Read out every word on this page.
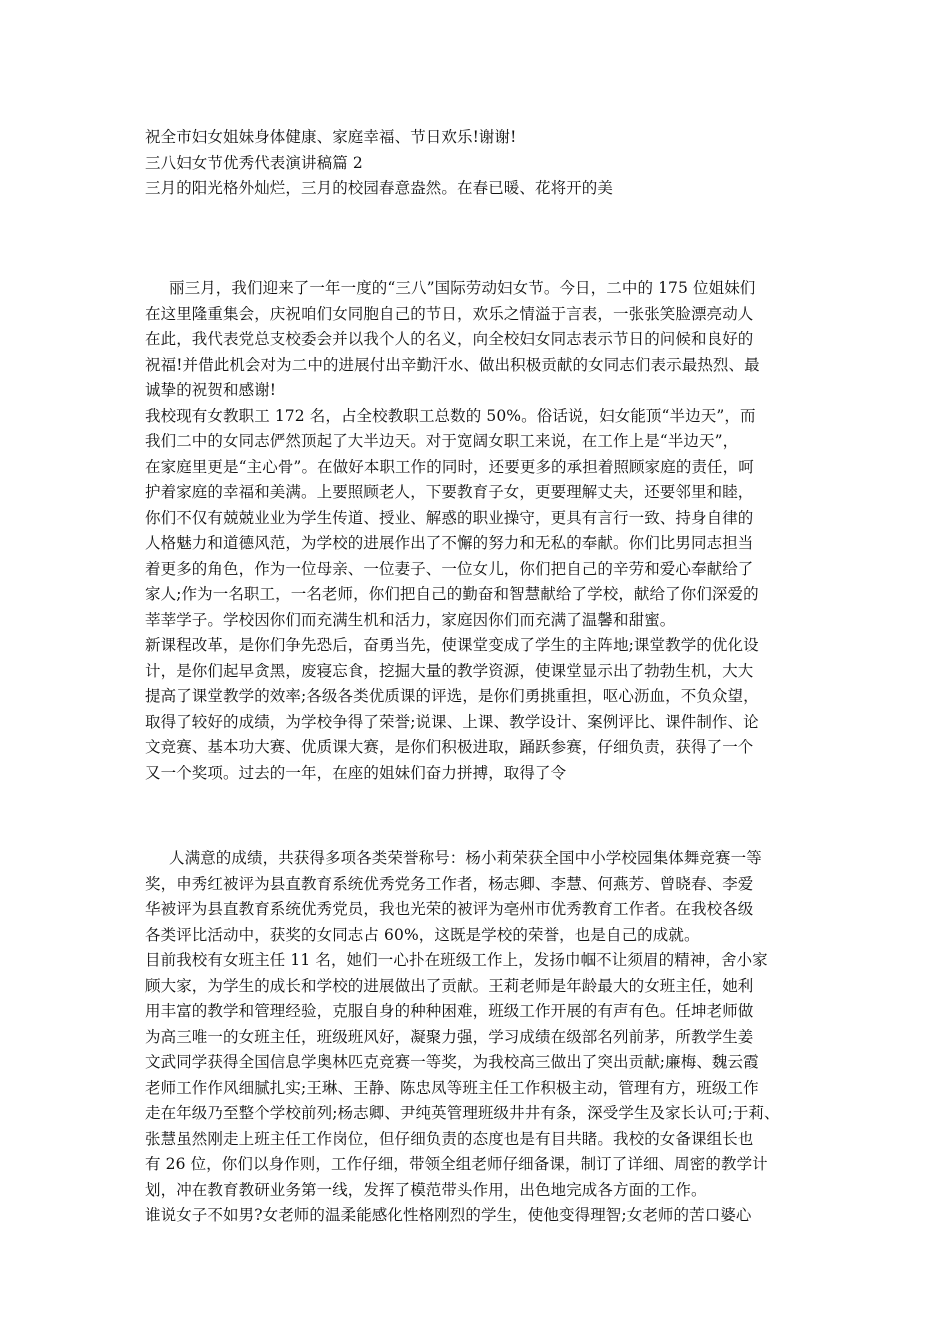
祝全市妇女姐妹身体健康、家庭幸福、节日欢乐!谢谢!

三八妇女节优秀代表演讲稿篇 2

三月的阳光格外灿烂，三月的校园春意盎然。在春已暖、花将开的美

丽三月，我们迎来了一年一度的“三八”国际劳动妇女节。今日，二中的 175 位姐妹们

在这里隆重集会，庆祝咱们女同胞自己的节日，欢乐之情溢于言表，一张张笑脸漂亮动人

在此，我代表党总支校委会并以我个人的名义，向全校妇女同志表示节日的问候和良好的

祝福!并借此机会对为二中的进展付出辛勤汗水、做出积极贡献的女同志们表示最热烈、最

诚挚的祝贺和感谢!

我校现有女教职工 172 名，占全校教职工总数的 50%。俗话说，妇女能顶“半边天”，而

我们二中的女同志俨然顶起了大半边天。对于宽阔女职工来说，在工作上是“半边天”，

在家庭里更是“主心骨”。在做好本职工作的同时，还要更多的承担着照顾家庭的责任，呵

护着家庭的幸福和美满。上要照顾老人，下要教育子女，更要理解丈夫，还要邻里和睦，

你们不仅有兢兢业业为学生传道、授业、解惑的职业操守，更具有言行一致、持身自律的

人格魅力和道德风范，为学校的进展作出了不懈的努力和无私的奉献。你们比男同志担当

着更多的角色，作为一位母亲、一位妻子、一位女儿，你们把自己的辛劳和爱心奉献给了

家人;作为一名职工，一名老师，你们把自己的勤奋和智慧献给了学校，献给了你们深爱的

莘莘学子。学校因你们而充满生机和活力，家庭因你们而充满了温馨和甜蜜。

新课程改革，是你们争先恐后，奋勇当先，使课堂变成了学生的主阵地;课堂教学的优化设

计，是你们起早贪黑，废寝忘食，挖掘大量的教学资源，使课堂显示出了勃勃生机，大大

提高了课堂教学的效率;各级各类优质课的评选，是你们勇挑重担，呕心沥血，不负众望，

取得了较好的成绩，为学校争得了荣誉;说课、上课、教学设计、案例评比、课件制作、论

文竞赛、基本功大赛、优质课大赛，是你们积极进取，踊跃参赛，仔细负责，获得了一个

又一个奖项。过去的一年，在座的姐妹们奋力拼搏，取得了令

人满意的成绩，共获得多项各类荣誉称号：杨小莉荣获全国中小学校园集体舞竞赛一等

奖，申秀红被评为县直教育系统优秀党务工作者，杨志卿、李慧、何燕芳、曾晓春、李爱

华被评为县直教育系统优秀党员，我也光荣的被评为亳州市优秀教育工作者。在我校各级

各类评比活动中，获奖的女同志占 60%，这既是学校的荣誉，也是自己的成就。

目前我校有女班主任 11 名，她们一心扑在班级工作上，发扬巾帼不让须眉的精神，舍小家

顾大家，为学生的成长和学校的进展做出了贡献。王莉老师是年龄最大的女班主任，她利

用丰富的教学和管理经验，克服自身的种种困难，班级工作开展的有声有色。任坤老师做

为高三唯一的女班主任，班级班风好，凝聚力强，学习成绩在级部名列前茅，所教学生姜

文武同学获得全国信息学奥林匹克竞赛一等奖，为我校高三做出了突出贡献;廉梅、魏云霞

老师工作作风细腻扎实;王琳、王静、陈忠凤等班主任工作积极主动，管理有方，班级工作

走在年级乃至整个学校前列;杨志卿、尹纯英管理班级井井有条，深受学生及家长认可;于莉、

张慧虽然刚走上班主任工作岗位，但仔细负责的态度也是有目共睹。我校的女备课组长也

有 26 位，你们以身作则，工作仔细，带领全组老师仔细备课，制订了详细、周密的教学计

划，冲在教育教研业务第一线，发挥了模范带头作用，出色地完成各方面的工作。

谁说女子不如男?女老师的温柔能感化性格刚烈的学生，使他变得理智;女老师的苦口婆心
